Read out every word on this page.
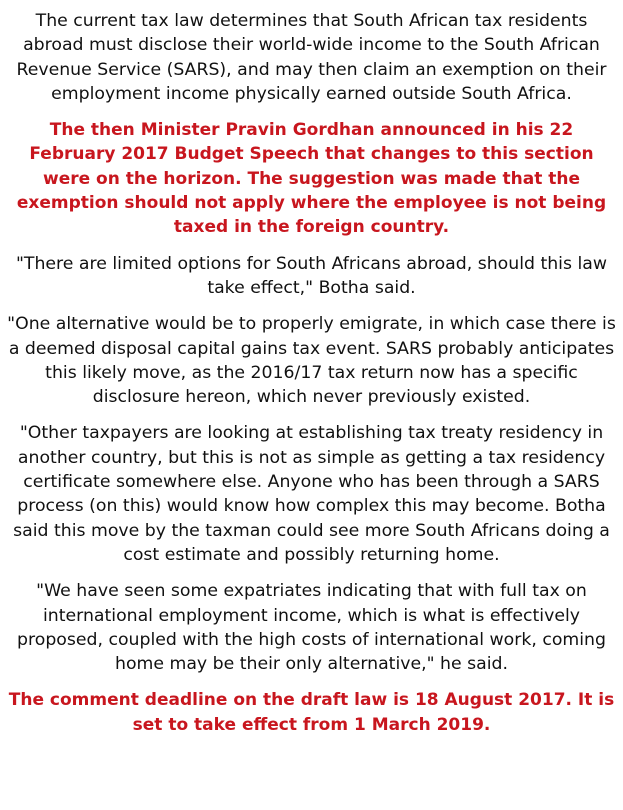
The current tax law determines that South African tax residents abroad must disclose their world-wide income to the South African Revenue Service (SARS), and may then claim an exemption on their employment income physically earned outside South Africa.

The then Minister Pravin Gordhan announced in his 22 February 2017 Budget Speech that changes to this section were on the horizon. The suggestion was made that the exemption should not apply where the employee is not being taxed in the foreign country.

"There are limited options for South Africans abroad, should this law take effect," Botha said.

"One alternative would be to properly emigrate, in which case there is a deemed disposal capital gains tax event. SARS probably anticipates this likely move, as the 2016/17 tax return now has a specific disclosure hereon, which never previously existed.

"Other taxpayers are looking at establishing tax treaty residency in another country, but this is not as simple as getting a tax residency certificate somewhere else. Anyone who has been through a SARS process (on this) would know how complex this may become. Botha said this move by the taxman could see more South Africans doing a cost estimate and possibly returning home.

"We have seen some expatriates indicating that with full tax on international employment income, which is what is effectively proposed, coupled with the high costs of international work, coming home may be their only alternative," he said.

The comment deadline on the draft law is 18 August 2017. It is set to take effect from 1 March 2019.
